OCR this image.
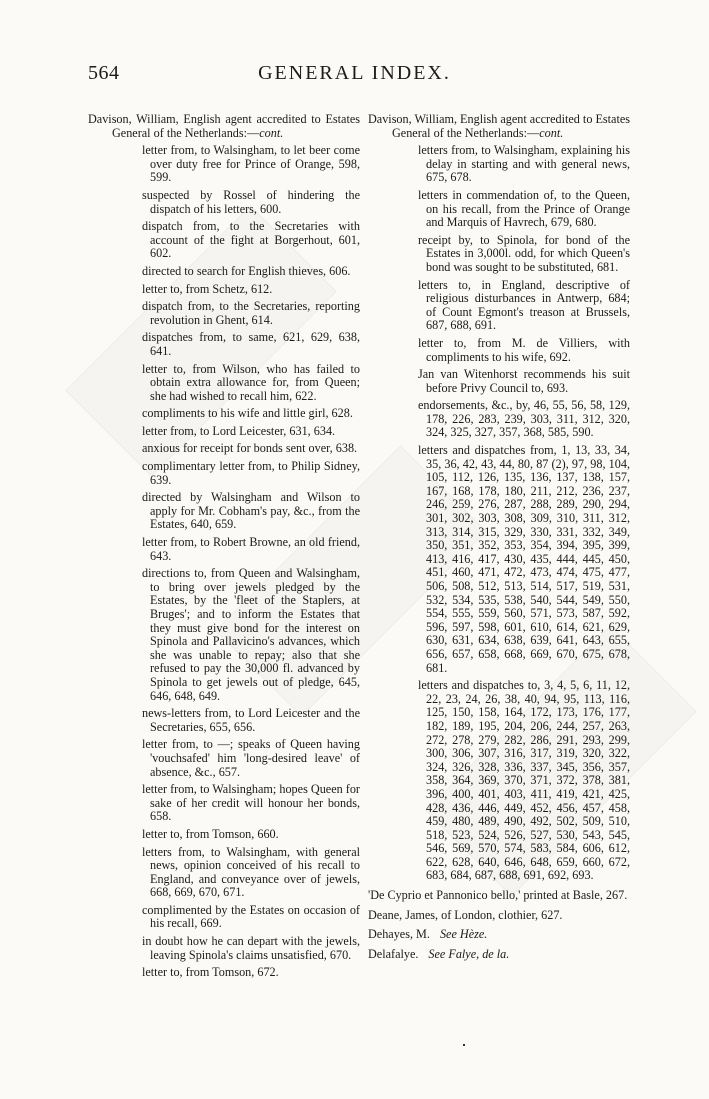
564	GENERAL INDEX.
Davison, William, English agent accredited to Estates General of the Netherlands:—cont.
letter from, to Walsingham, to let beer come over duty free for Prince of Orange, 598, 599.
suspected by Rossel of hindering the dispatch of his letters, 600.
dispatch from, to the Secretaries with account of the fight at Borgerhout, 601, 602.
directed to search for English thieves, 606.
letter to, from Schetz, 612.
dispatch from, to the Secretaries, reporting revolution in Ghent, 614.
dispatches from, to same, 621, 629, 638, 641.
letter to, from Wilson, who has failed to obtain extra allowance for, from Queen; she had wished to recall him, 622.
compliments to his wife and little girl, 628.
letter from, to Lord Leicester, 631, 634.
anxious for receipt for bonds sent over, 638.
complimentary letter from, to Philip Sidney, 639.
directed by Walsingham and Wilson to apply for Mr. Cobham's pay, &c., from the Estates, 640, 659.
letter from, to Robert Browne, an old friend, 643.
directions to, from Queen and Walsingham, to bring over jewels pledged by the Estates, by the 'fleet of the Staplers, at Bruges'; and to inform the Estates that they must give bond for the interest on Spinola and Pallavicino's advances, which she was unable to repay; also that she refused to pay the 30,000 fl. advanced by Spinola to get jewels out of pledge, 645, 646, 648, 649.
news-letters from, to Lord Leicester and the Secretaries, 655, 656.
letter from, to —; speaks of Queen having 'vouchsafed' him 'long-desired leave' of absence, &c., 657.
letter from, to Walsingham; hopes Queen for sake of her credit will honour her bonds, 658.
letter to, from Tomson, 660.
letters from, to Walsingham, with general news, opinion conceived of his recall to England, and conveyance over of jewels, 668, 669, 670, 671.
complimented by the Estates on occasion of his recall, 669.
in doubt how he can depart with the jewels, leaving Spinola's claims unsatisfied, 670.
letter to, from Tomson, 672.
Davison, William, English agent accredited to Estates General of the Netherlands:—cont.
letters from, to Walsingham, explaining his delay in starting and with general news, 675, 678.
letters in commendation of, to the Queen, on his recall, from the Prince of Orange and Marquis of Havrech, 679, 680.
receipt by, to Spinola, for bond of the Estates in 3,000l. odd, for which Queen's bond was sought to be substituted, 681.
letters to, in England, descriptive of religious disturbances in Antwerp, 684; of Count Egmont's treason at Brussels, 687, 688, 691.
letter to, from M. de Villiers, with compliments to his wife, 692.
Jan van Witenhorst recommends his suit before Privy Council to, 693.
endorsements, &c., by, 46, 55, 56, 58, 129, 178, 226, 283, 239, 303, 311, 312, 320, 324, 325, 327, 357, 368, 585, 590.
letters and dispatches from, 1, 13, 33, 34, 35, 36, 42, 43, 44, 80, 87 (2), 97, 98, 104, 105, 112, 126, 135, 136, 137, 138, 157, 167, 168, 178, 180, 211, 212, 236, 237, 246, 259, 276, 287, 288, 289, 290, 294, 301, 302, 303, 308, 309, 310, 311, 312, 313, 314, 315, 329, 330, 331, 332, 349, 350, 351, 352, 353, 354, 394, 395, 399, 413, 416, 417, 430, 435, 444, 445, 450, 451, 460, 471, 472, 473, 474, 475, 477, 506, 508, 512, 513, 514, 517, 519, 531, 532, 534, 535, 538, 540, 544, 549, 550, 554, 555, 559, 560, 571, 573, 587, 592, 596, 597, 598, 601, 610, 614, 621, 629, 630, 631, 634, 638, 639, 641, 643, 655, 656, 657, 658, 668, 669, 670, 675, 678, 681.
letters and dispatches to, 3, 4, 5, 6, 11, 12, 22, 23, 24, 26, 38, 40, 94, 95, 113, 116, 125, 150, 158, 164, 172, 173, 176, 177, 182, 189, 195, 204, 206, 244, 257, 263, 272, 278, 279, 282, 286, 291, 293, 299, 300, 306, 307, 316, 317, 319, 320, 322, 324, 326, 328, 336, 337, 345, 356, 357, 358, 364, 369, 370, 371, 372, 378, 381, 396, 400, 401, 403, 411, 419, 421, 425, 428, 436, 446, 449, 452, 456, 457, 458, 459, 480, 489, 490, 492, 502, 509, 510, 518, 523, 524, 526, 527, 530, 543, 545, 546, 569, 570, 574, 583, 584, 606, 612, 622, 628, 640, 646, 648, 659, 660, 672, 683, 684, 687, 688, 691, 692, 693.
'De Cyprio et Pannonico bello,' printed at Basle, 267.
Deane, James, of London, clothier, 627.
Dehayes, M. See Hèze.
Delafalye. See Falye, de la.
